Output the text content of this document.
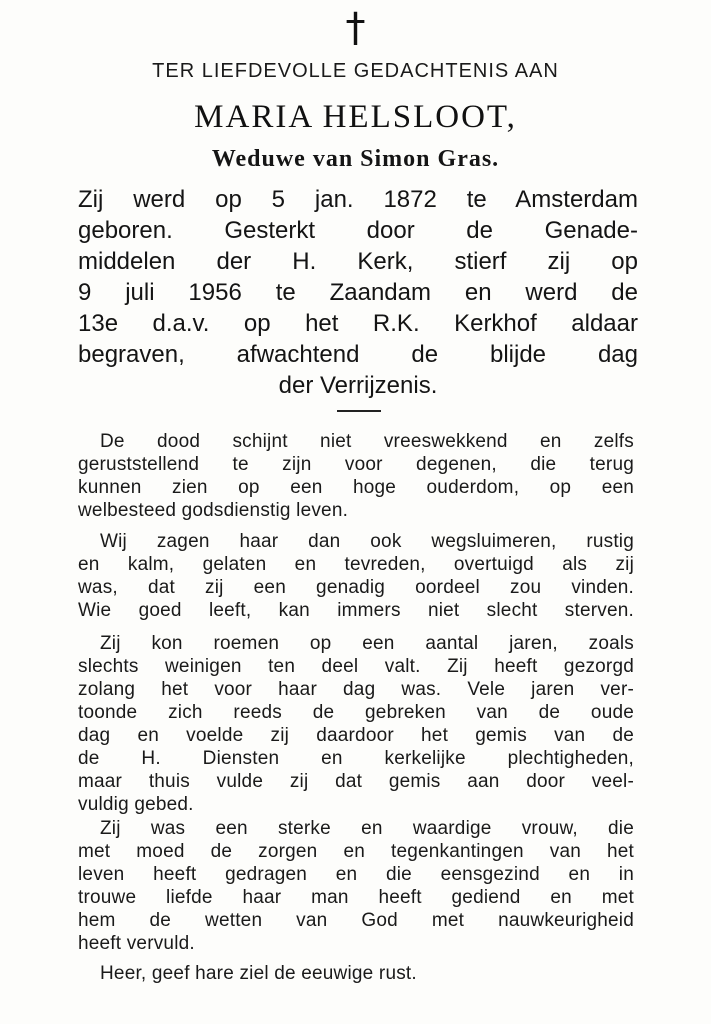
†
TER LIEFDEVOLLE GEDACHTENIS AAN
MARIA HELSLOOT,
Weduwe van Simon Gras.
Zij werd op 5 jan. 1872 te Amsterdam
geboren. Gesterkt door de Genade-
middelen der H. Kerk, stierf zij op
9 juli 1956 te Zaandam en werd de
13e d.a.v. op het R.K. Kerkhof aldaar
begraven, afwachtend de blijde dag
der Verrijzenis.
De dood schijnt niet vreeswekkend en zelfs
geruststellend te zijn voor degenen, die terug
kunnen zien op een hoge ouderdom, op een
welbesteed godsdienstig leven.
Wij zagen haar dan ook wegsluimeren, rustig
en kalm, gelaten en tevreden, overtuigd als zij
was, dat zij een genadig oordeel zou vinden.
Wie goed leeft, kan immers niet slecht sterven.
Zij kon roemen op een aantal jaren, zoals
slechts weinigen ten deel valt. Zij heeft gezorgd
zolang het voor haar dag was. Vele jaren ver-
toonde zich reeds de gebreken van de oude
dag en voelde zij daardoor het gemis van de
de H. Diensten en kerkelijke plechtigheden,
maar thuis vulde zij dat gemis aan door veel-
vuldig gebed.
Zij was een sterke en waardige vrouw, die
met moed de zorgen en tegenkantingen van het
leven heeft gedragen en die eensgezind en in
trouwe liefde haar man heeft gediend en met
hem de wetten van God met nauwkeurigheid
heeft vervuld.
Heer, geef hare ziel de eeuwige rust.
